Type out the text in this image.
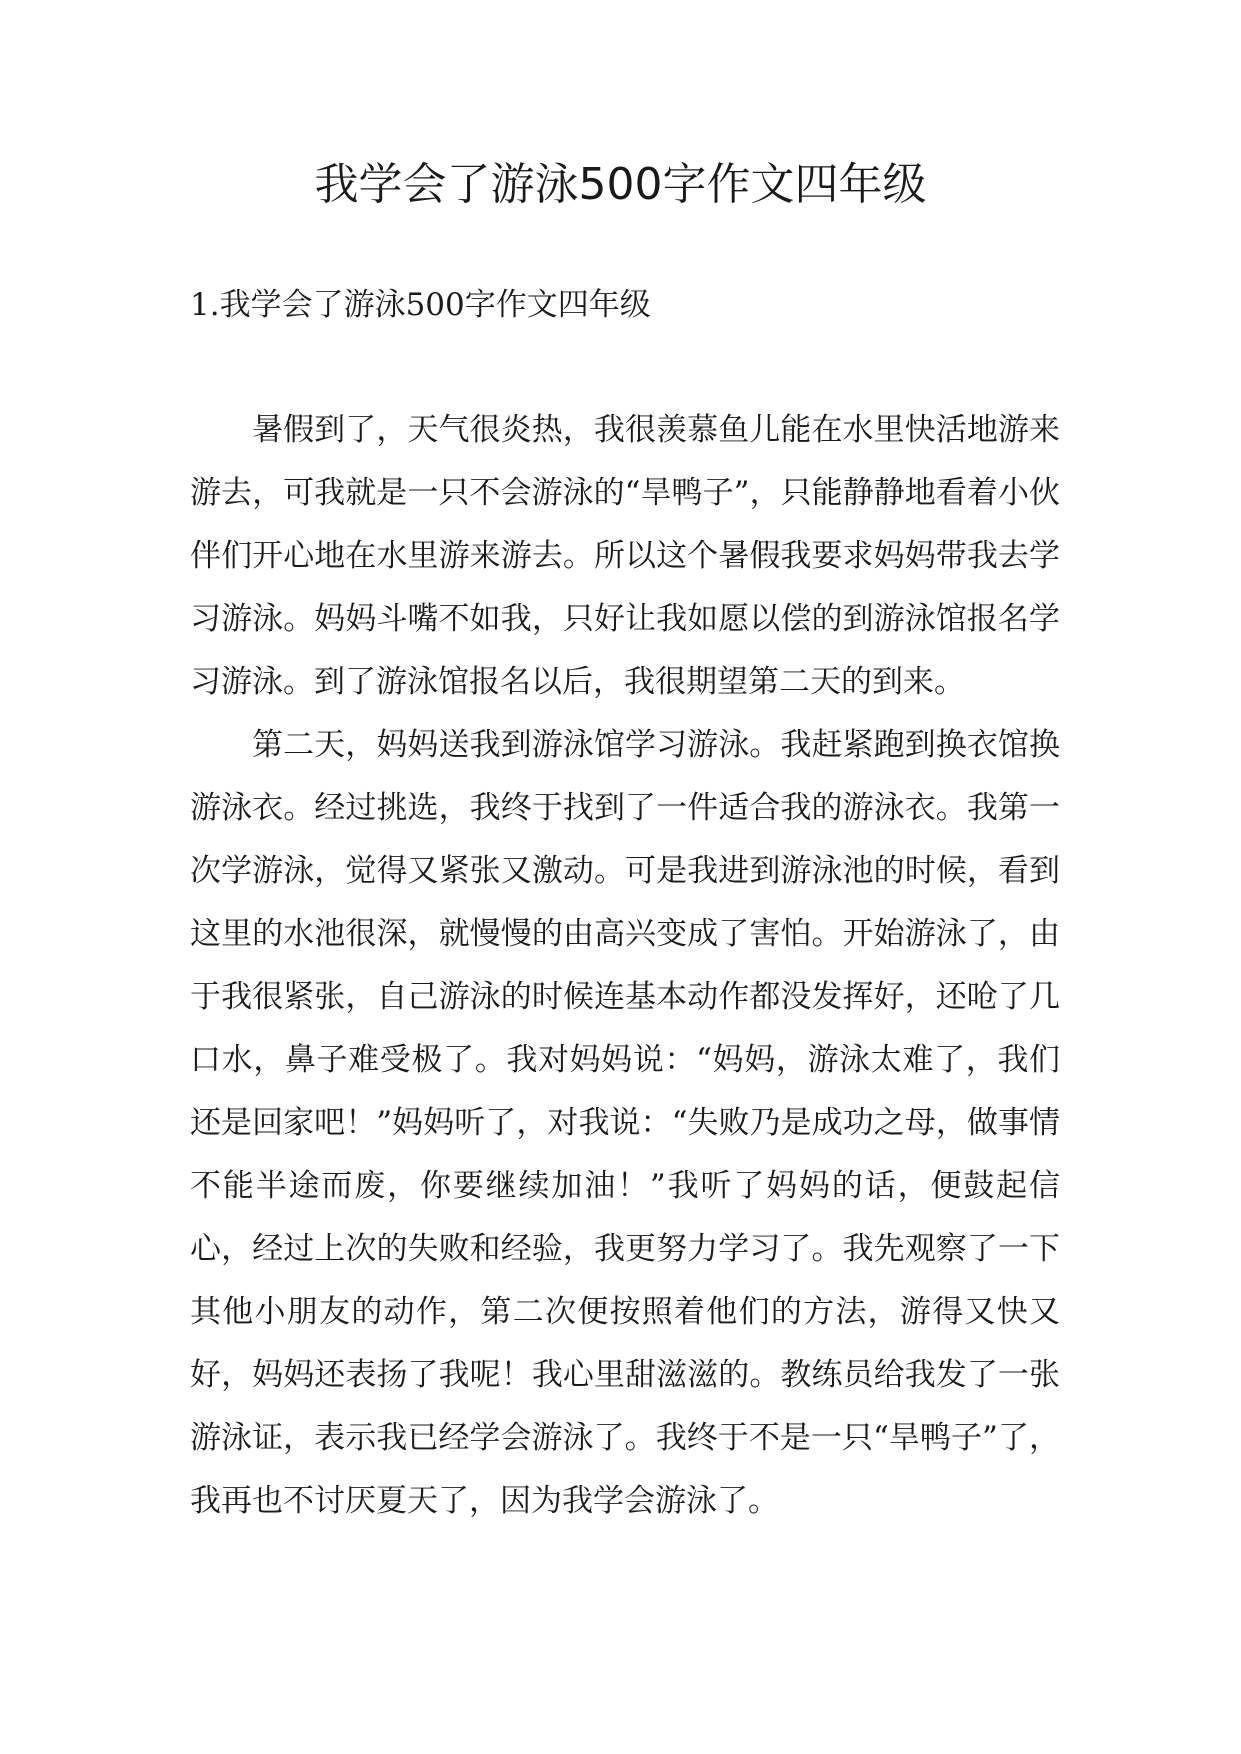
我学会了游泳500字作文四年级
1.我学会了游泳500字作文四年级

暑假到了，天气很炎热，我很羡慕鱼儿能在水里快活地游来游去，可我就是一只不会游泳的“旱鸭子”，只能静静地看着小伙伴们开心地在水里游来游去。所以这个暑假我要求妈妈带我去学习游泳。妈妈斗嘴不如我，只好让我如愿以偿的到游泳馆报名学习游泳。到了游泳馆报名以后，我很期望第二天的到来。

第二天，妈妈送我到游泳馆学习游泳。我赶紧跑到换衣馆换游泳衣。经过挑选，我终于找到了一件适合我的游泳衣。我第一次学游泳，觉得又紧张又激动。可是我进到游泳池的时候，看到这里的水池很深，就慢慢的由高兴变成了害怕。开始游泳了，由于我很紧张，自己游泳的时候连基本动作都没发挥好，还呛了几口水，鼻子难受极了。我对妈妈说：“妈妈，游泳太难了，我们还是回家吧！”妈妈听了，对我说：“失败乃是成功之母，做事情不能半途而废，你要继续加油！”我听了妈妈的话，便鼓起信心，经过上次的失败和经验，我更努力学习了。我先观察了一下其他小朋友的动作，第二次便按照着他们的方法，游得又快又好，妈妈还表扬了我呢！我心里甜滋滋的。教练员给我发了一张游泳证，表示我已经学会游泳了。我终于不是一只“旱鸭子”了，我再也不讨厌夏天了，因为我学会游泳了。
